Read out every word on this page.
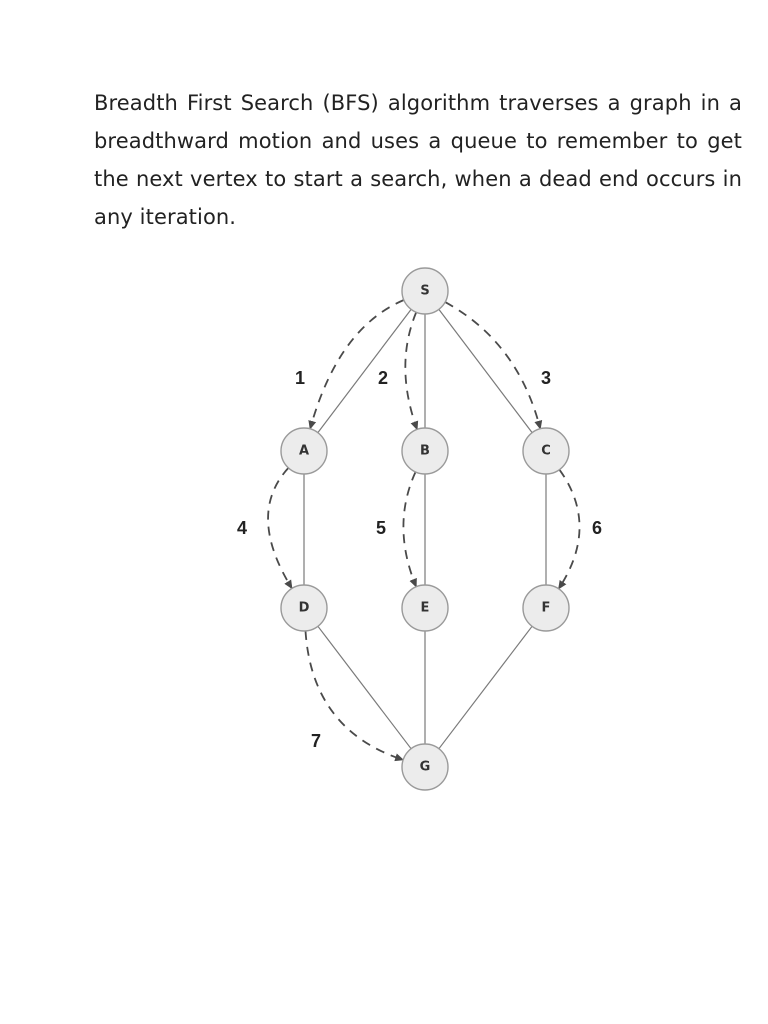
Breadth First Search (BFS) algorithm traverses a graph in a breadthward motion and uses a queue to remember to get the next vertex to start a search, when a dead end occurs in any iteration.

S
A	B	C
D	E	F
G
1	2	3
4	5	6
7
